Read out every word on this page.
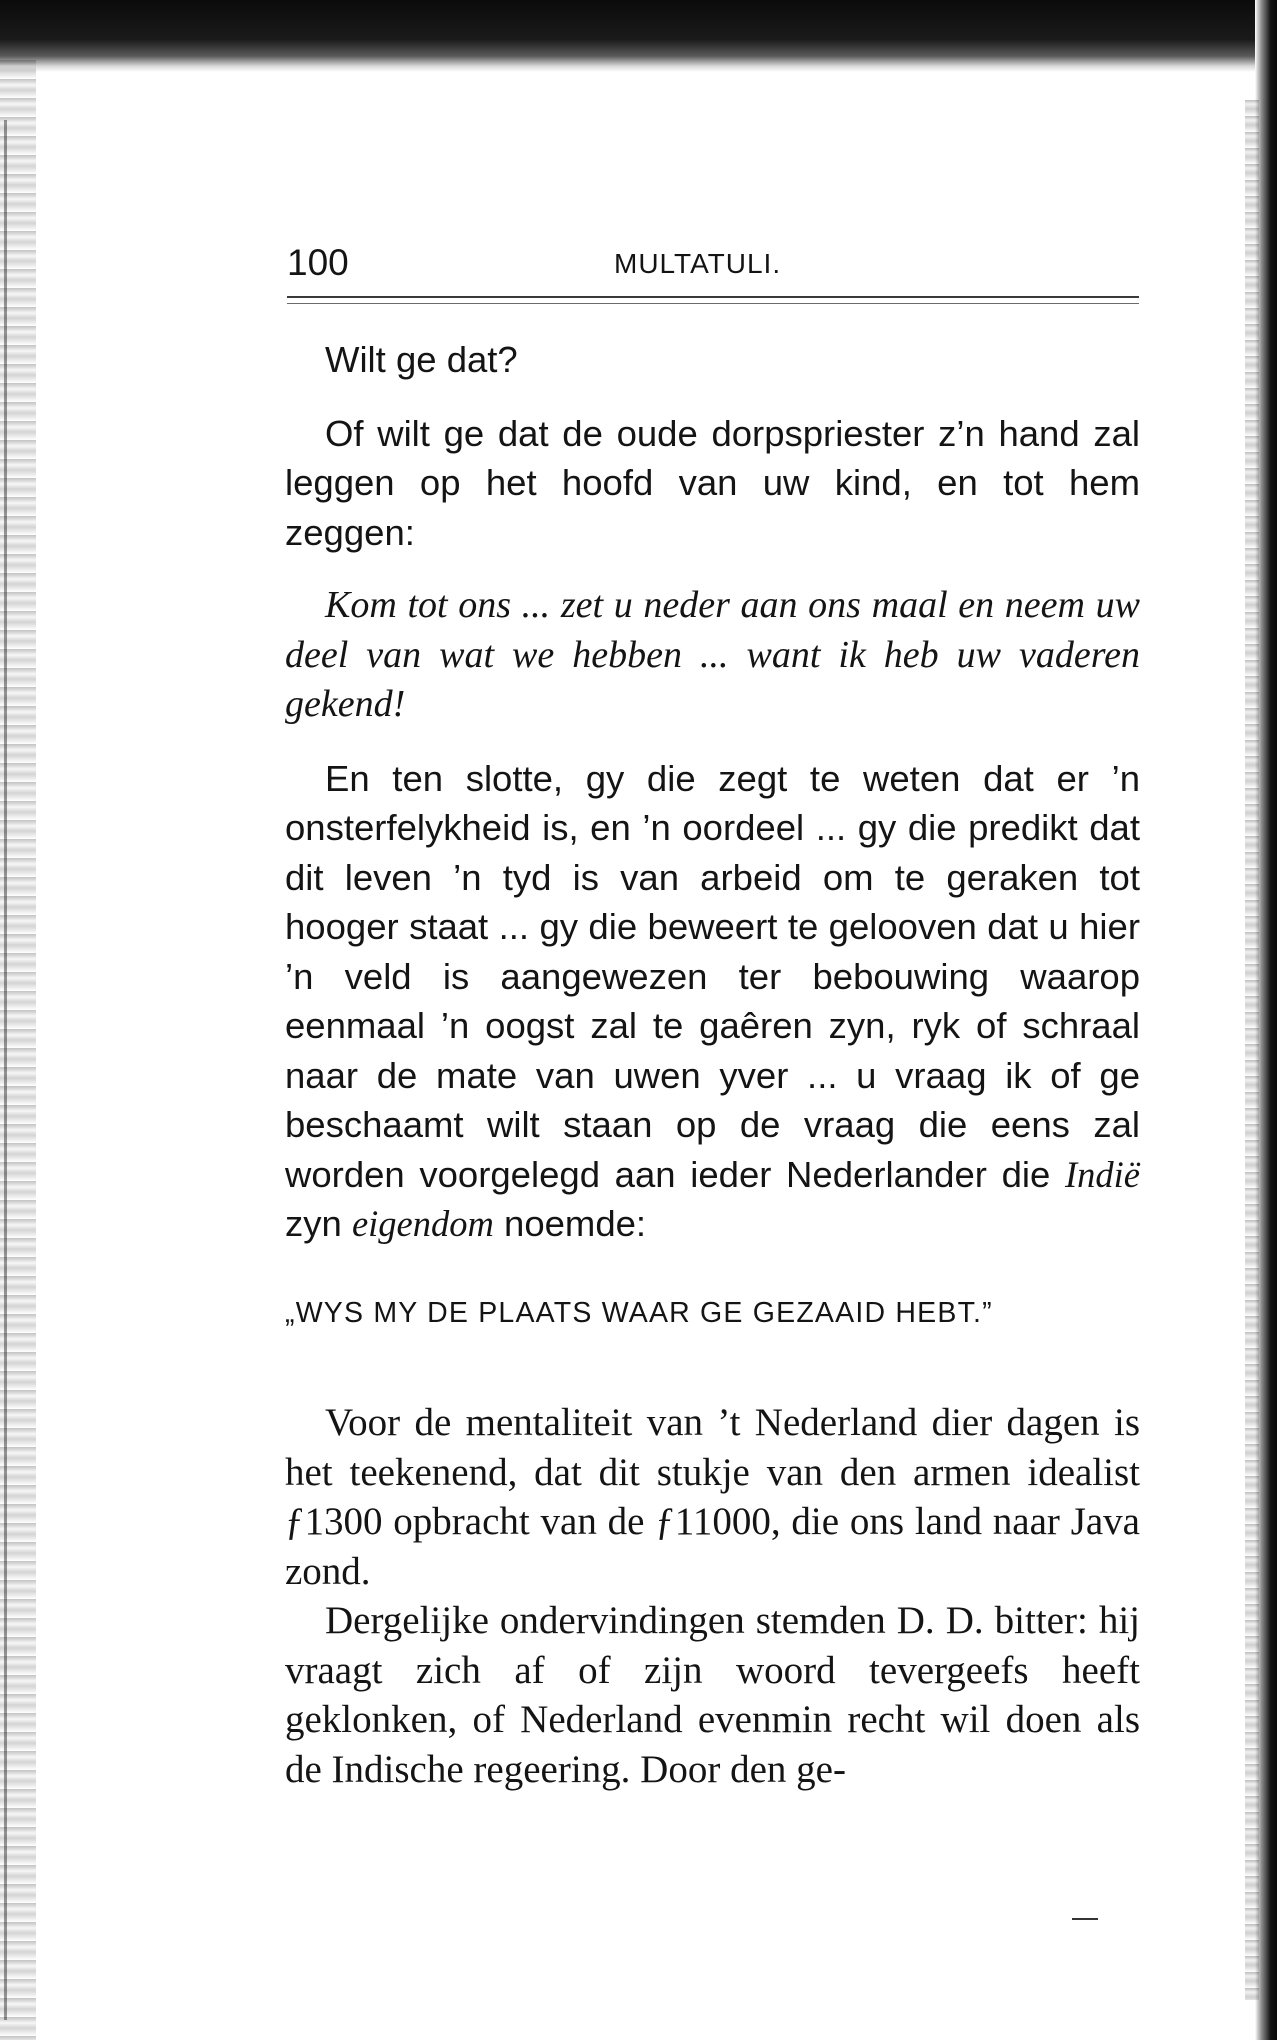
100	MULTATULI.

Wilt ge dat?

Of wilt ge dat de oude dorpspriester z’n hand zal leggen op het hoofd van uw kind, en tot hem zeggen:

Kom tot ons ... zet u neder aan ons maal en neem uw deel van wat we hebben ... want ik heb uw vaderen gekend!

En ten slotte, gy die zegt te weten dat er ’n onsterfelykheid is, en ’n oordeel ... gy die predikt dat dit leven ’n tyd is van arbeid om te geraken tot hooger staat ... gy die beweert te gelooven dat u hier ’n veld is aangewezen ter bebouwing waarop eenmaal ’n oogst zal te gaêren zyn, ryk of schraal naar de mate van uwen yver ... u vraag ik of ge beschaamt wilt staan op de vraag die eens zal worden voorgelegd aan ieder Nederlander die Indië zyn eigendom noemde:

„WYS MY DE PLAATS WAAR GE GEZAAID HEBT.”

Voor de mentaliteit van ’t Nederland dier dagen is het teekenend, dat dit stukje van den armen idealist ƒ1300 opbracht van de ƒ11000, die ons land naar Java zond.

Dergelijke ondervindingen stemden D. D. bitter: hij vraagt zich af of zijn woord tevergeefs heeft geklonken, of Nederland evenmin recht wil doen als de Indische regeering. Door den ge-
